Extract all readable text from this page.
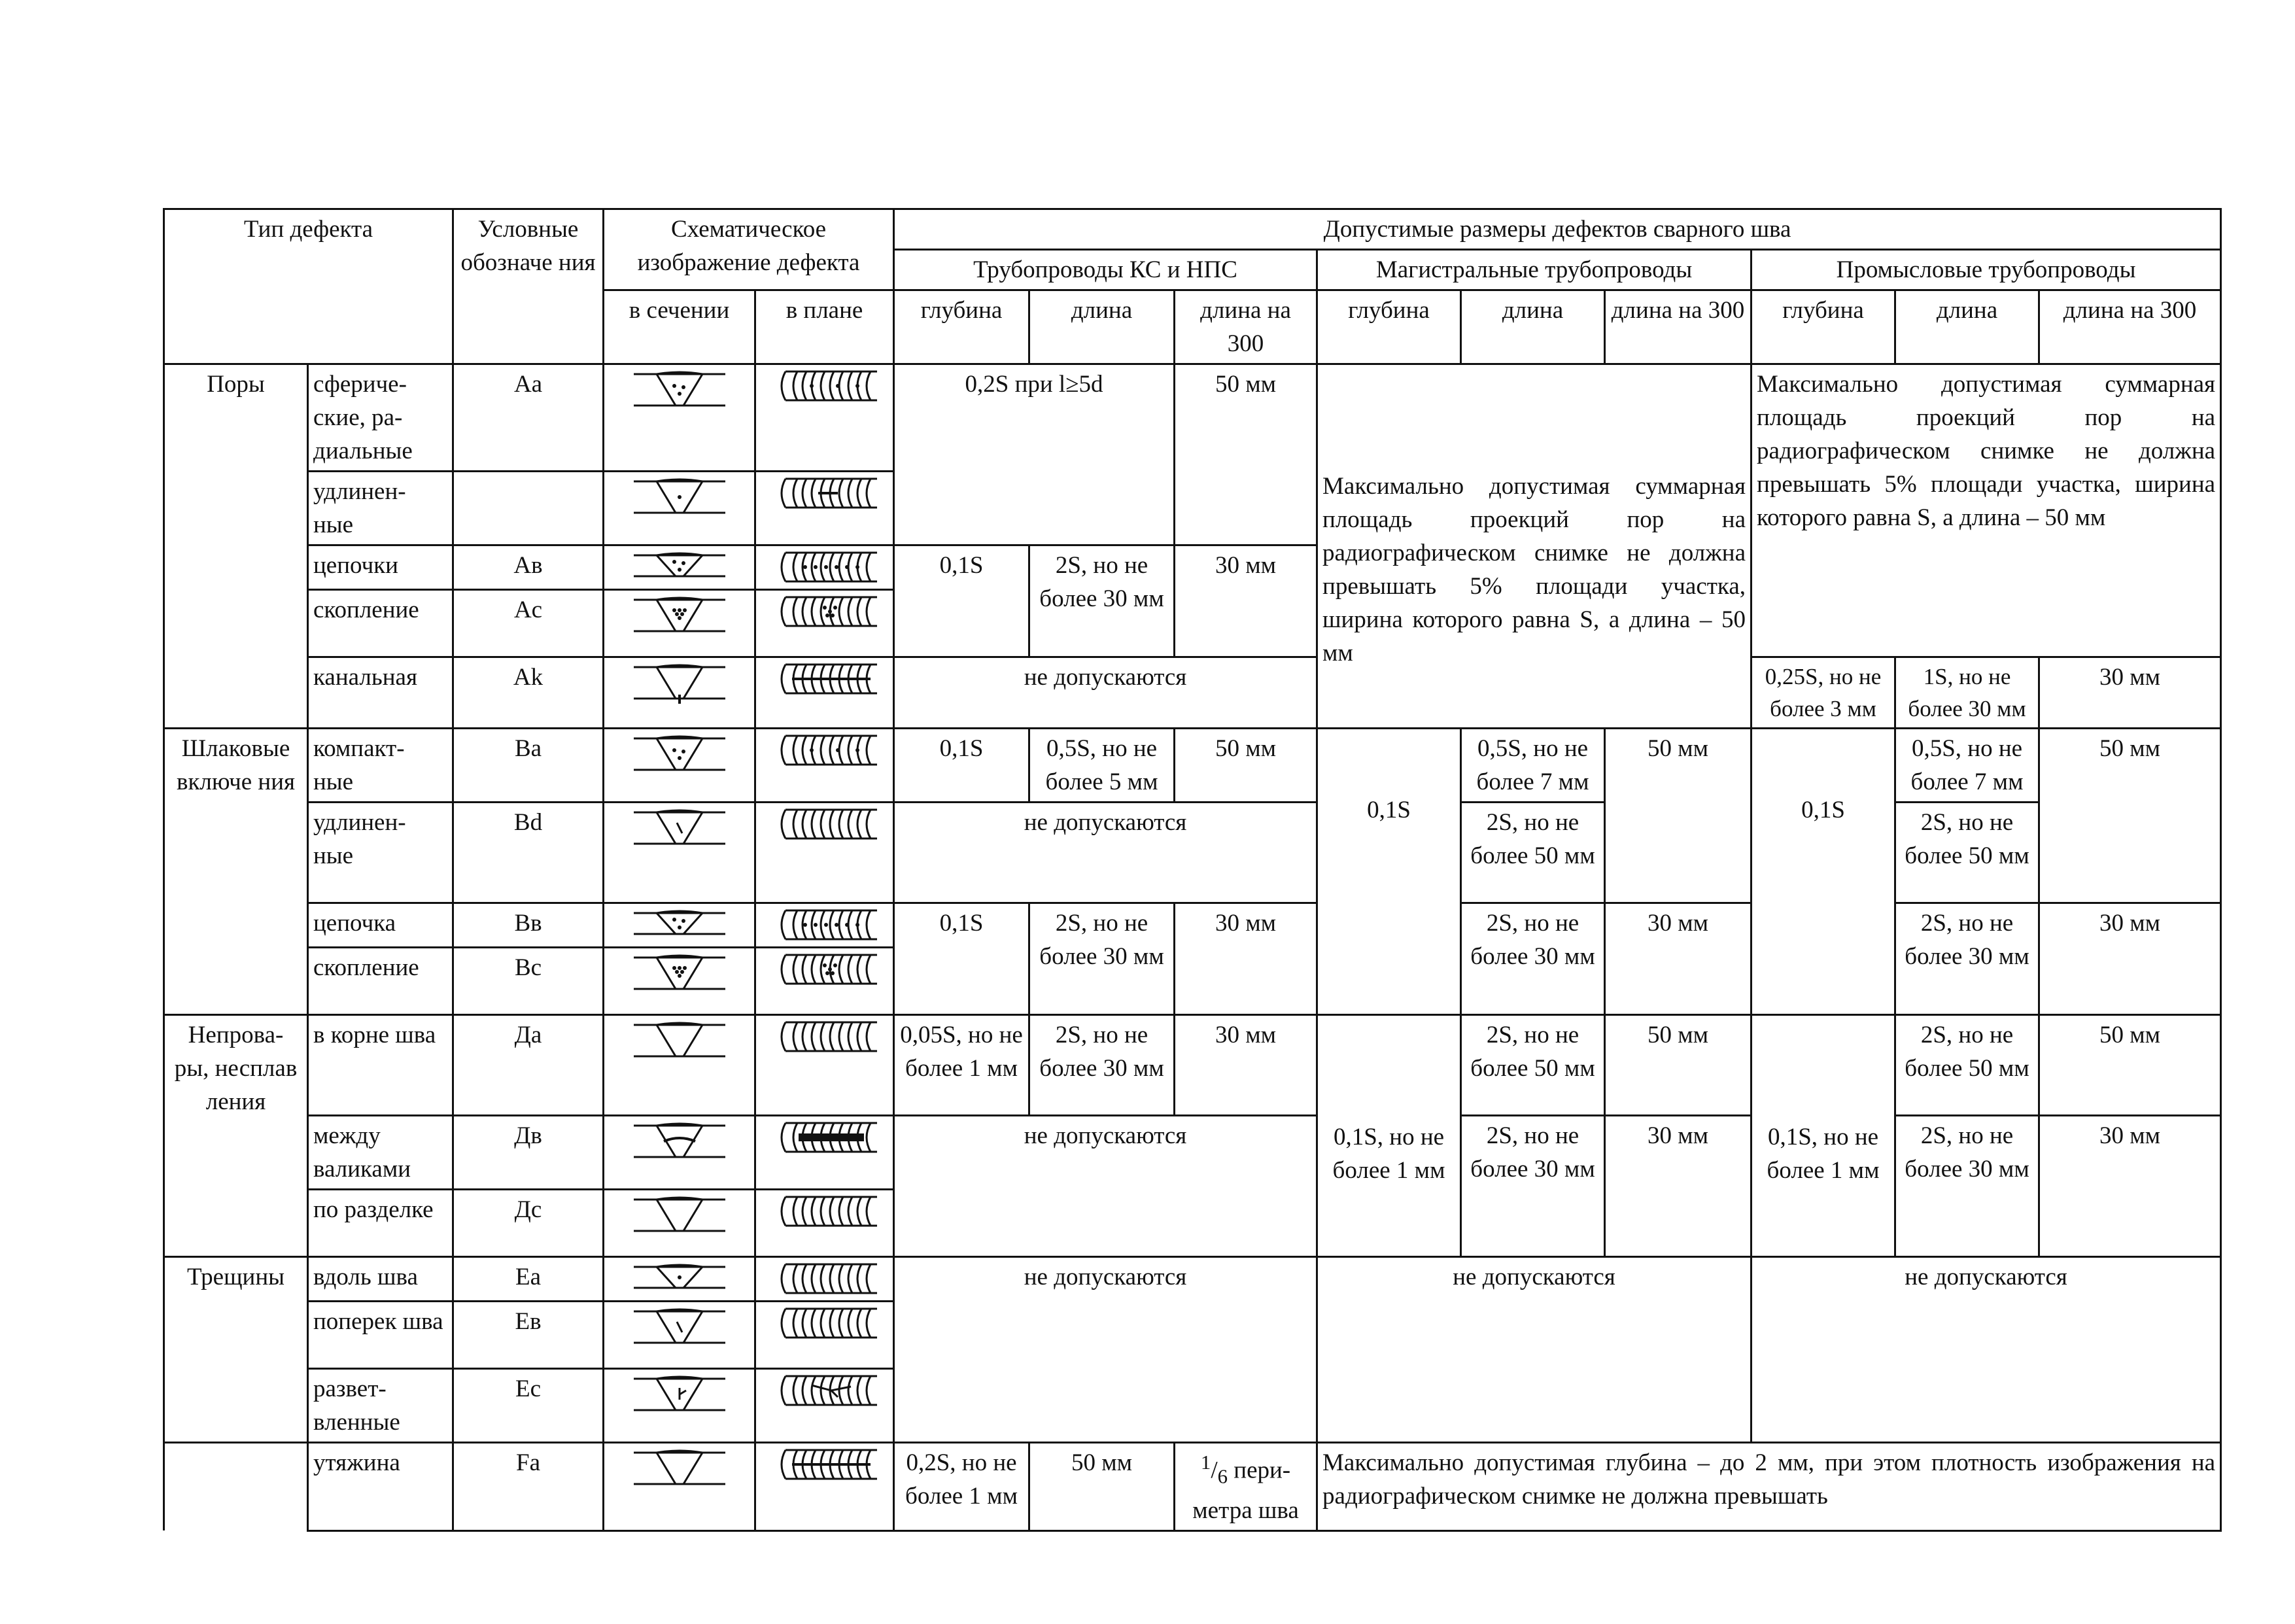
Тип дефекта		Условные обозначе ния	Схематическое изображение дефекта		Допустимые размеры дефектов сварного шва								
					Трубопроводы КС и НПС			Магистральные трубопроводы			Промысловые трубопроводы		
			в сечении	в плане	глубина	длина	длина на 300	глубина	длина	длина на 300	глубина	длина	длина на 300
Поры	сфериче- ские, ра- диальные	Aa			0,2S при l≥5d		50 мм	Максимально допустимая суммарная площадь проекций пор на радиографическом снимке не должна превышать 5% площади участка, ширина которого равна S, а длина – 50 мм			Максимально допустимая суммарная площадь проекций пор на радиографическом снимке не должна превышать 5% площади участка, ширина которого равна S, а длина – 50 мм		
	удлинен- ные		

	цепочки	Aв			0,1S	2S, но не более 30 мм	30 мм						
	скопление	Ac	

	канальная	Ak			не допускаются						0,25S, но не более 3 мм	1S, но не более 30 мм	30 мм
Шлаковые включе ния	компакт- ные	Ba			0,1S	0,5S, но не более 5 мм	50 мм	0,1S	0,5S, но не более 7 мм	50 мм	0,1S	0,5S, но не более 7 мм	50 мм
	удлинен- ные	Bd			не допускаются				2S, но не более 50 мм			2S, но не более 50 мм	
	цепочка	Bв			0,1S	2S, но не более 30 мм	30 мм		2S, но не более 30 мм	30 мм		2S, но не более 30 мм	30 мм
	скопление	Bc	

Непрова- ры, несплав ления	в корне шва	Дa			0,05S, но не более 1 мм	2S, но не более 30 мм	30 мм	0,1S, но не более 1 мм	2S, но не более 50 мм	50 мм	0,1S, но не более 1 мм	2S, но не более 50 мм	50 мм
	между валиками	Дв			не допускаются				2S, но не более 30 мм	30 мм		2S, но не более 30 мм	30 мм
	по разделке	Дc	

Трещины	вдоль шва	Ea			не допускаются			не допускаются			не допускаются		
	поперек шва	Eв	

	развет- вленные	Ec	

	утяжина	Fa			0,2S, но не более 1 мм	50 мм	$^1/_6$ пери- метра шва	Максимально допустимая глубина – до 2 мм, при этом плотность изображения на радиографическом снимке не должна превышать					
